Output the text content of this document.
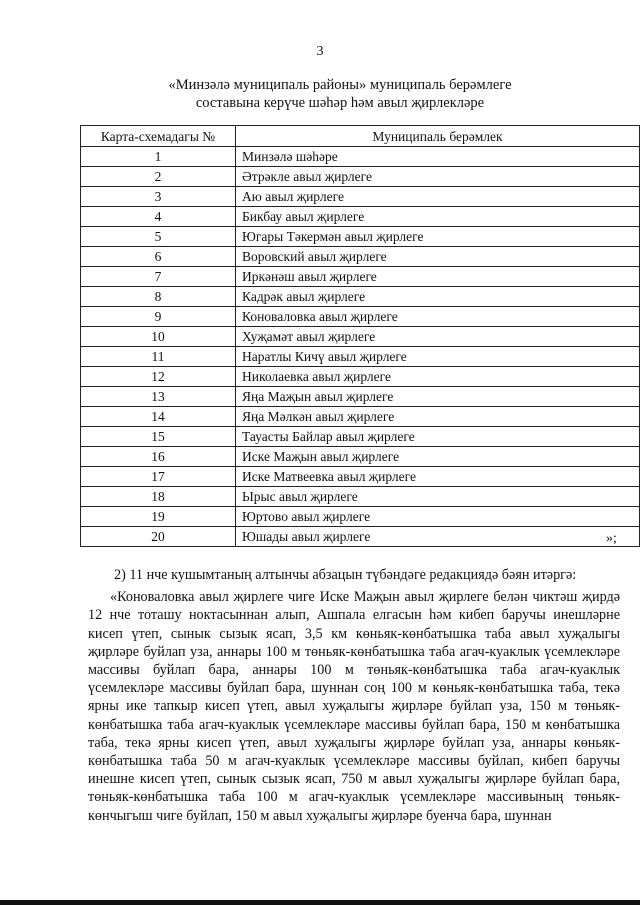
3
«Минзәлә муниципаль районы» муниципаль берәмлеге
составына керүче шәһәр һәм авыл җирлекләре
Карта-схемадагы №	Муниципаль берәмлек
1	Минзәлә шәһәре
2	Әтрәкле авыл җирлеге
3	Аю авыл җирлеге
4	Бикбау авыл җирлеге
5	Югары Тәкермән авыл җирлеге
6	Воровский авыл җирлеге
7	Иркәнәш авыл җирлеге
8	Кадрәк авыл җирлеге
9	Коноваловка авыл җирлеге
10	Хуҗамәт авыл җирлеге
11	Наратлы Кичү авыл җирлеге
12	Николаевка авыл җирлеге
13	Яңа Маҗын авыл җирлеге
14	Яңа Мәлкән авыл җирлеге
15	Тауасты Байлар авыл җирлеге
16	Иске Маҗын авыл җирлеге
17	Иске Матвеевка авыл җирлеге
18	Ырыс авыл җирлеге
19	Юртово авыл җирлеге
20	Юшады авыл җирлеге	»;

2) 11 нче кушымтаның алтынчы абзацын түбәндәге редакциядә бәян итәргә:

«Коноваловка авыл җирлеге чиге Иске Маҗын авыл җирлеге белән чиктәш җирдә 12 нче тоташу ноктасыннан алып, Ашпала елгасын һәм кибеп баручы инешләрне кисеп үтеп, сынык сызык ясап, 3,5 км көньяк-көнбатышка таба авыл хуҗалыгы җирләре буйлап уза, аннары 100 м төньяк-көнбатышка таба агач-куаклык үсемлекләре массивы буйлап бара, аннары 100 м төньяк-көнбатышка таба агач-куаклык үсемлекләре массивы буйлап бара, шуннан соң 100 м көньяк-көнбатышка таба, текә ярны ике тапкыр кисеп үтеп, авыл хуҗалыгы җирләре буйлап уза, 150 м төньяк-көнбатышка таба агач-куаклык үсемлекләре массивы буйлап бара, 150 м көнбатышка таба, текә ярны кисеп үтеп, авыл хуҗалыгы җирләре буйлап уза, аннары көньяк-көнбатышка таба 50 м агач-куаклык үсемлекләре массивы буйлап, кибеп баручы инешне кисеп үтеп, сынык сызык ясап, 750 м авыл хуҗалыгы җирләре буйлап бара, төньяк-көнбатышка таба 100 м агач-куаклык үсемлекләре массивының төньяк-көнчыгыш чиге буйлап, 150 м авыл хуҗалыгы җирләре буенча бара, шуннан
